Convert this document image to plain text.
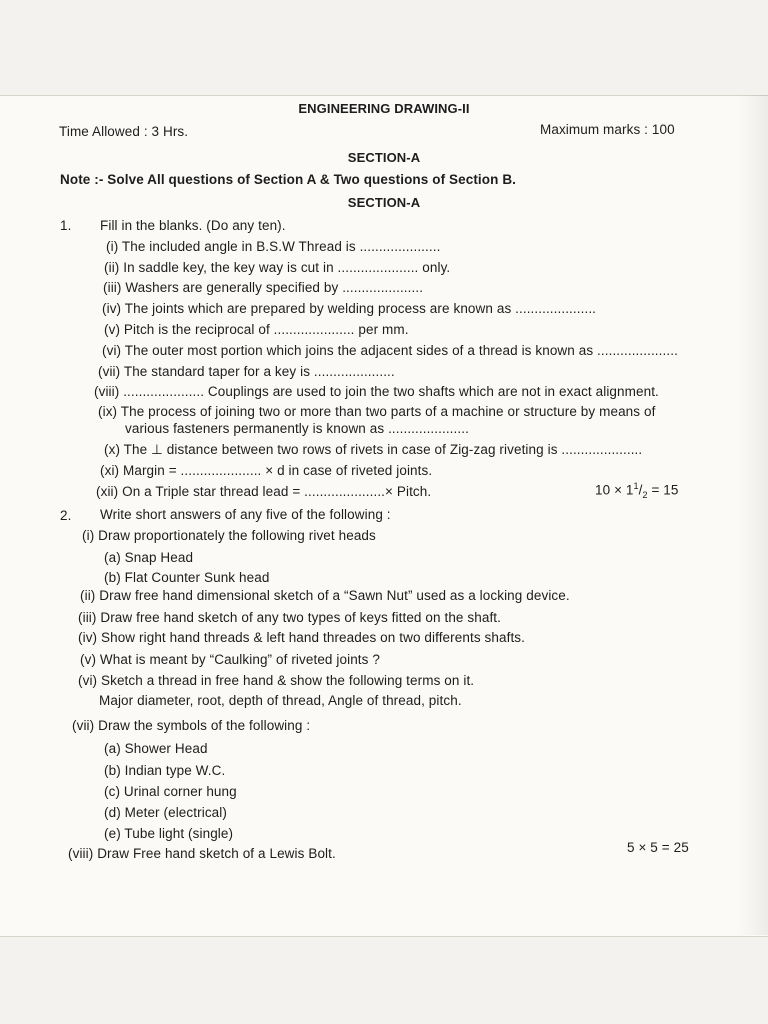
ENGINEERING DRAWING-II
Time Allowed : 3 Hrs.	Maximum marks : 100
SECTION-A
Note :- Solve All questions of Section A & Two questions of Section B.
SECTION-A
1. Fill in the blanks. (Do any ten).
(i) The included angle in B.S.W Thread is .....................
(ii) In saddle key, the key way is cut in ..................... only.
(iii) Washers are generally specified by .....................
(iv) The joints which are prepared by welding process are known as .....................
(v) Pitch is the reciprocal of ..................... per mm.
(vi) The outer most portion which joins the adjacent sides of a thread is known as .....................
(vii) The standard taper for a key is .....................
(viii) ..................... Couplings are used to join the two shafts which are not in exact alignment.
(ix) The process of joining two or more than two parts of a machine or structure by means of
various fasteners permanently is known as .....................
(x) The ⊥ distance between two rows of rivets in case of Zig-zag riveting is .....................
(xi) Margin = ..................... × d in case of riveted joints.
(xii) On a Triple star thread lead = .....................× Pitch.	$10 \times 1^1/_2 = 15$
2. Write short answers of any five of the following :
(i) Draw proportionately the following rivet heads
(a) Snap Head
(b) Flat Counter Sunk head
(ii) Draw free hand dimensional sketch of a “Sawn Nut” used as a locking device.
(iii) Draw free hand sketch of any two types of keys fitted on the shaft.
(iv) Show right hand threads & left hand threades on two differents shafts.
(v) What is meant by “Caulking” of riveted joints ?
(vi) Sketch a thread in free hand & show the following terms on it.
Major diameter, root, depth of thread, Angle of thread, pitch.
(vii) Draw the symbols of the following :
(a) Shower Head
(b) Indian type W.C.
(c) Urinal corner hung
(d) Meter (electrical)
(e) Tube light (single)
(viii) Draw Free hand sketch of a Lewis Bolt.	5 × 5 = 25
